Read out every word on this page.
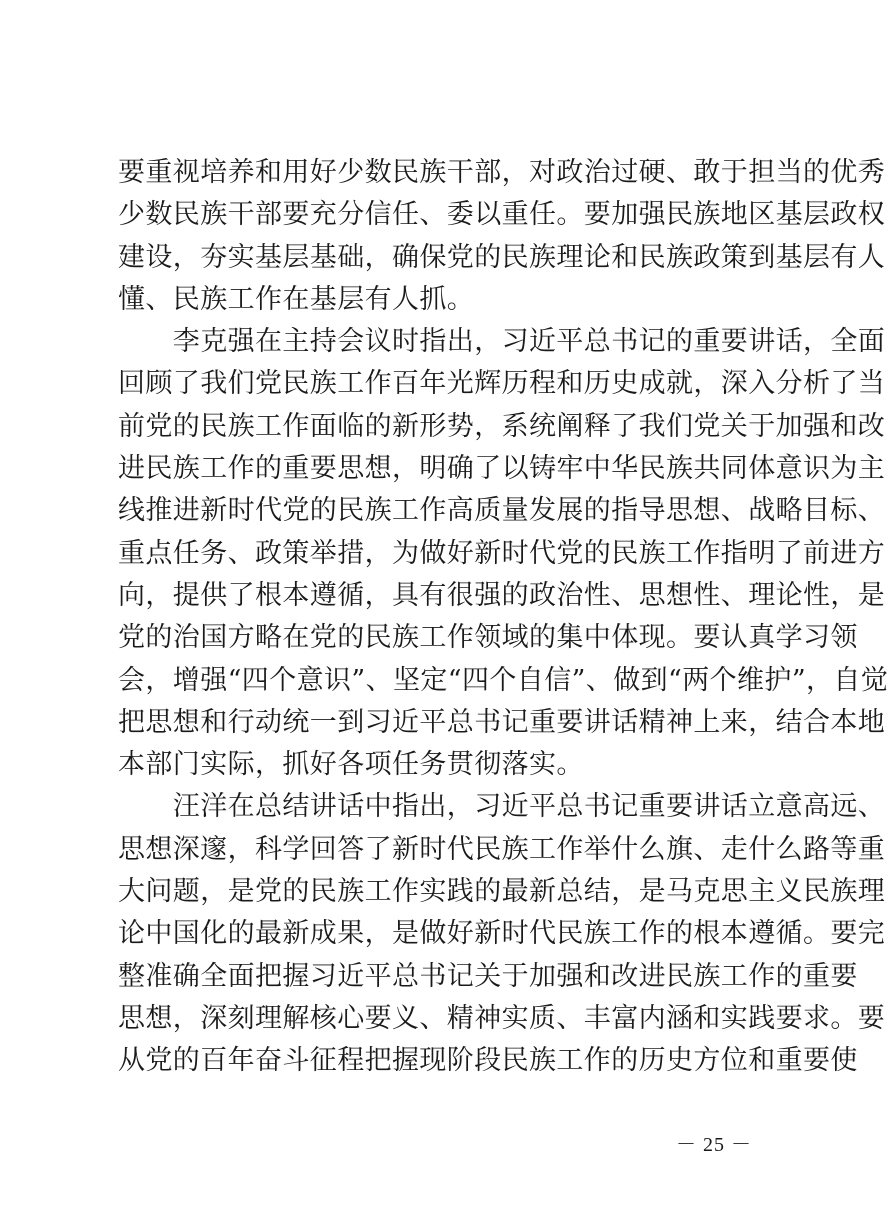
要重视培养和用好少数民族干部，对政治过硬、敢于担当的优秀
少数民族干部要充分信任、委以重任。要加强民族地区基层政权
建设，夯实基层基础，确保党的民族理论和民族政策到基层有人
懂、民族工作在基层有人抓。
　　李克强在主持会议时指出，习近平总书记的重要讲话，全面
回顾了我们党民族工作百年光辉历程和历史成就，深入分析了当
前党的民族工作面临的新形势，系统阐释了我们党关于加强和改
进民族工作的重要思想，明确了以铸牢中华民族共同体意识为主
线推进新时代党的民族工作高质量发展的指导思想、战略目标、
重点任务、政策举措，为做好新时代党的民族工作指明了前进方
向，提供了根本遵循，具有很强的政治性、思想性、理论性，是
党的治国方略在党的民族工作领域的集中体现。要认真学习领
会，增强“四个意识”、坚定“四个自信”、做到“两个维护”，自觉
把思想和行动统一到习近平总书记重要讲话精神上来，结合本地
本部门实际，抓好各项任务贯彻落实。
　　汪洋在总结讲话中指出，习近平总书记重要讲话立意高远、
思想深邃，科学回答了新时代民族工作举什么旗、走什么路等重
大问题，是党的民族工作实践的最新总结，是马克思主义民族理
论中国化的最新成果，是做好新时代民族工作的根本遵循。要完
整准确全面把握习近平总书记关于加强和改进民族工作的重要
思想，深刻理解核心要义、精神实质、丰富内涵和实践要求。要
从党的百年奋斗征程把握现阶段民族工作的历史方位和重要使
－ 25 －
